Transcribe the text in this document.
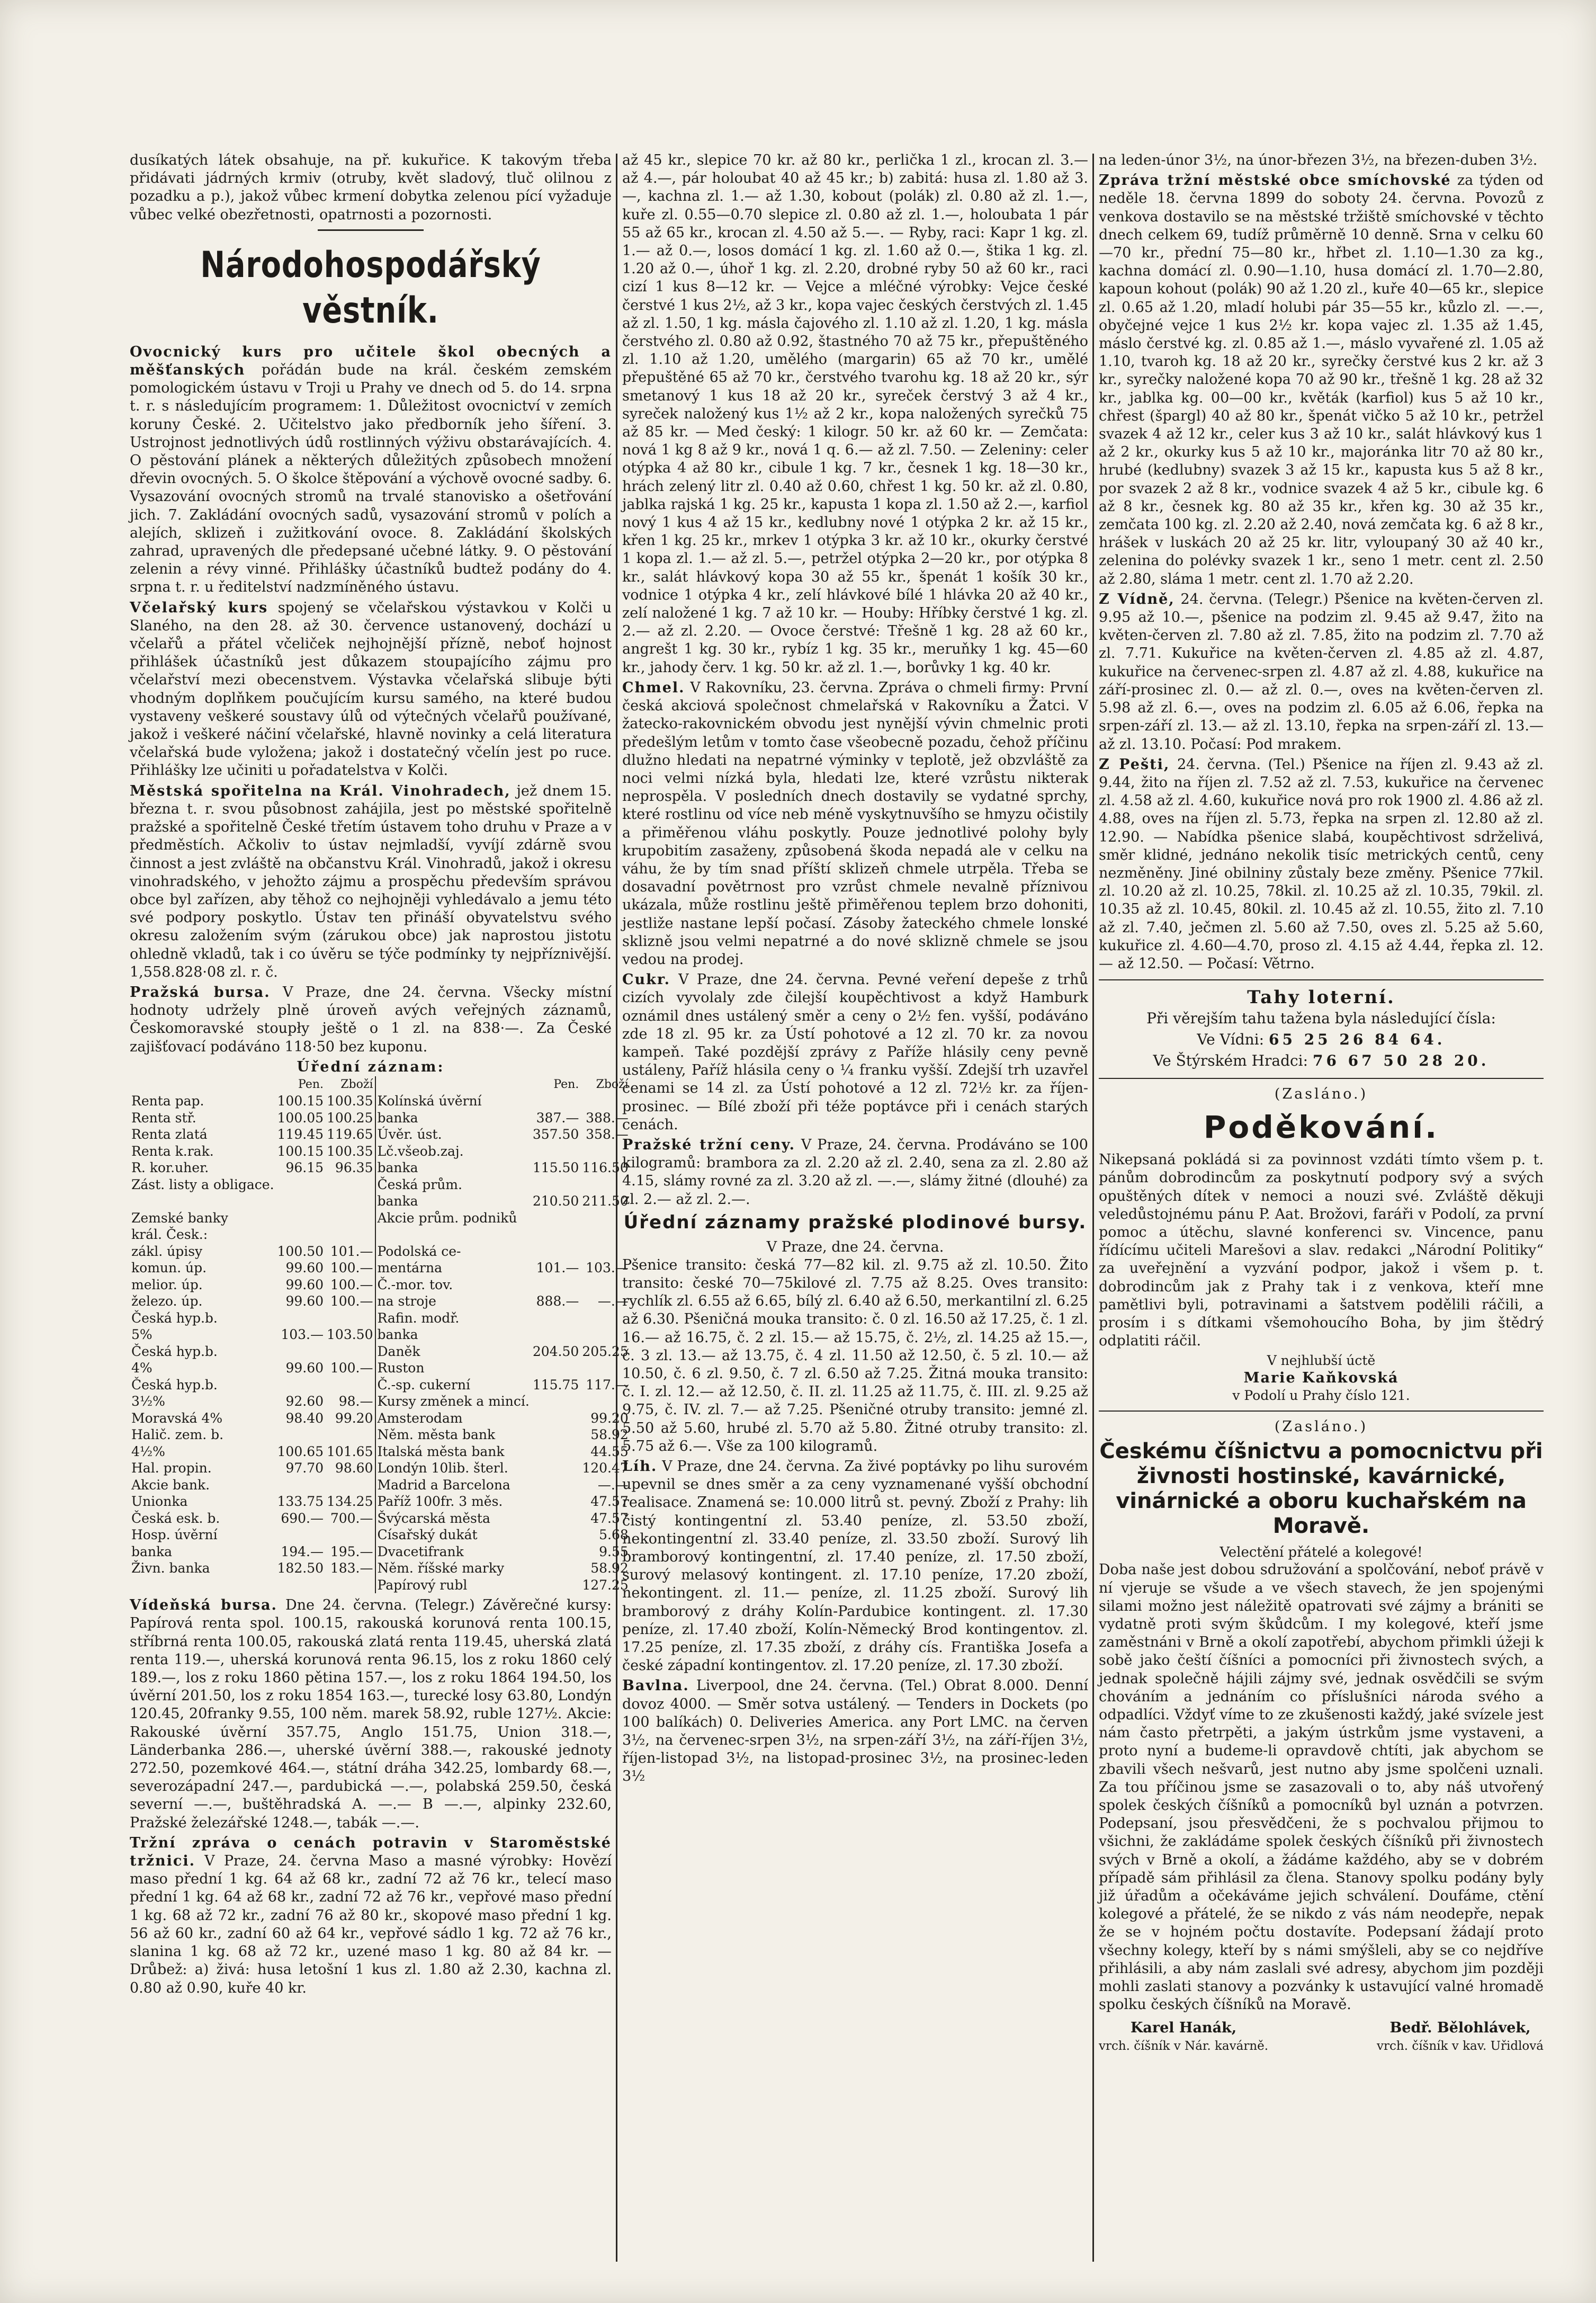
dusíkatých látek obsahuje, na př. kukuřice. K takovým třeba přidávati jádrných krmiv (otruby, květ sladový, tluč olilnou z pozadku a p.), jakož vůbec krmení dobytka zelenou pící vyžaduje vůbec velké obezřetnosti, opatrnosti a pozornosti.

Národohospodářský věstník.

Ovocnický kurs pro učitele škol obecných a měšťanských pořádán bude na král. českém zemském pomologickém ústavu v Troji u Prahy ve dnech od 5. do 14. srpna t. r. s následujícím programem: 1. Důležitost ovocnictví v zemích koruny České. 2. Učitelstvo jako předborník jeho šíření. 3. Ustrojnost jednotlivých údů rostlinných výživu obstarávajících. 4. O pěstování plánek a některých důležitých způsobech množení dřevin ovocných. 5. O školce štěpování a výchově ovocné sadby. 6. Vysazování ovocných stromů na trvalé stanovisko a ošetřování jich. 7. Zakládání ovocných sadů, vysazování stromů v polích a alejích, sklizeň i zužitkování ovoce. 8. Zakládání školských zahrad, upravených dle předepsané učebné látky. 9. O pěstování zelenin a révy vinné. Přihlášky účastníků budtež podány do 4. srpna t. r. u ředitelství nadzmíněného ústavu.

Včelařský kurs spojený se včelařskou výstavkou v Kolči u Slaného, na den 28. až 30. července ustanovený, dochází u včelařů a přátel včeliček nejhojnější přízně, neboť hojnost přihlášek účastníků jest důkazem stoupajícího zájmu pro včelařství mezi obecenstvem. Výstavka včelařská slibuje býti vhodným doplňkem poučujícím kursu samého, na které budou vystaveny veškeré soustavy úlů od výtečných včelařů používané, jakož i veškeré náčiní včelařské, hlavně novinky a celá literatura včelařská bude vyložena; jakož i dostatečný včelín jest po ruce. Přihlášky lze učiniti u pořadatelstva v Kolči.

Městská spořitelna na Král. Vinohradech, jež dnem 15. března t. r. svou působnost zahájila, jest po městské spořitelně pražské a spořitelně České třetím ústavem toho druhu v Praze a v předměstích. Ačkoliv to ústav nejmladší, vyvíjí zdárně svou činnost a jest zvláště na občanstvu Král. Vinohradů, jakož i okresu vinohradského, v jehožto zájmu a prospěchu především správou obce byl zařízen, aby těhož co nejhojněji vyhledávalo a jemu této své podpory poskytlo. Ústav ten přináší obyvatelstvu svého okresu založením svým (zárukou obce) jak naprostou jistotu ohledně vkladů, tak i co úvěru se týče podmínky ty nejpříznivější. 1,558.828·08 zl. r. č.

Pražská bursa. V Praze, dne 24. června. Všecky místní hodnoty udržely plně úroveň avých veřejných záznamů, Českomoravské stoupły ještě o 1 zl. na 838·—. Za České zajišťovací podáváno 118·50 bez kuponu.

Úřední záznam:
	Pen.	Zboží		Pen.	Zboží
Renta pap.	100.15	100.35	Kolínská úvěrní		
Renta stř.	100.05	100.25	banka	387.—	388.—
Renta zlatá	119.45	119.65	Úvěr. úst.	357.50	358.—
Renta k.rak.	100.15	100.35	Lč.všeob.zaj.		
R. kor.uher.	96.15	96.35	banka	115.50	116.50
Zást. listy a obligace.			Česká prům.		
			banka	210.50	211.50
Zemské banky			Akcie prům. podniků		
král. Česk.:					
zákl. úpisy	100.50	101.—	Podolská ce-		
komun. úp.	99.60	100.—	mentárna	101.—	103.—
melior. úp.	99.60	100.—	Č.-mor. tov.		
železo. úp.	99.60	100.—	na stroje	888.—	—.—
Česká hyp.b.			Rafin. modř.		
5%	103.—	103.50	banka		
Česká hyp.b.			Daněk	204.50	205.25
4%	99.60	100.—	Ruston		
Česká hyp.b.			Č.-sp. cukerní	115.75	117.—
3½%	92.60	98.—	Kursy změnek a mincí.		
Moravská 4%	98.40	99.20	Amsterodam		99.20
Halič. zem. b.			Něm. města bank		58.92
4½%	100.65	101.65	Italská města bank		44.55
Hal. propin.	97.70	98.60	Londýn 10lib. šterl.		120.47
Akcie bank.			Madrid a Barcelona		—.—
Unionka	133.75	134.25	Paříž 100fr. 3 měs.		47.57
Česká esk. b.	690.—	700.—	Švýcarská města		47.57
Hosp. úvěrní			Císařský dukát		5.68
banka	194.—	195.—	Dvacetifrank		9.55
Živn. banka	182.50	183.—	Něm. říšské marky		58.92
			Papírový rubl		127.25

Vídeňská bursa. Dne 24. června. (Telegr.) Závěrečné kursy: Papírová renta spol. 100.15, rakouská korunová renta 100.15, stříbrná renta 100.05, rakouská zlatá renta 119.45, uherská zlatá renta 119.—, uherská korunová renta 96.15, los z roku 1860 celý 189.—, los z roku 1860 pětina 157.—, los z roku 1864 194.50, los úvěrní 201.50, los z roku 1854 163.—, turecké losy 63.80, Londýn 120.45, 20franky 9.55, 100 něm. marek 58.92, ruble 127½. Akcie: Rakouské úvěrní 357.75, Anglo 151.75, Union 318.—, Länderbanka 286.—, uherské úvěrní 388.—, rakouské jednoty 272.50, pozemkové 464.—, státní dráha 342.25, lombardy 68.—, severozápadní 247.—, pardubická —.—, polabská 259.50, česká severní —.—, buštěhradská A. —.— B —.—, alpinky 232.60, Pražské železářské 1248.—, tabák —.—.

Tržní zpráva o cenách potravin v Staroměstské tržnici. V Praze, 24. června Maso a masné výrobky: Hovězí maso přední 1 kg. 64 až 68 kr., zadní 72 až 76 kr., telecí maso přední 1 kg. 64 až 68 kr., zadní 72 až 76 kr., vepřové maso přední 1 kg. 68 až 72 kr., zadní 76 až 80 kr., skopové maso přední 1 kg. 56 až 60 kr., zadní 60 až 64 kr., vepřové sádlo 1 kg. 72 až 76 kr., slanina 1 kg. 68 až 72 kr., uzené maso 1 kg. 80 až 84 kr. — Drůbež: a) živá: husa letošní 1 kus zl. 1.80 až 2.30, kachna zl. 0.80 až 0.90, kuře 40 kr.

až 45 kr., slepice 70 kr. až 80 kr., perlička 1 zl., krocan zl. 3.— až 4.—, pár holoubat 40 až 45 kr.; b) zabitá: husa zl. 1.80 až 3.—, kachna zl. 1.— až 1.30, kobout (polák) zl. 0.80 až zl. 1.—, kuře zl. 0.55—0.70 slepice zl. 0.80 až zl. 1.—, holoubata 1 pár 55 až 65 kr., krocan zl. 4.50 až 5.—. — Ryby, raci: Kapr 1 kg. zl. 1.— až 0.—, losos domácí 1 kg. zl. 1.60 až 0.—, štika 1 kg. zl. 1.20 až 0.—, úhoř 1 kg. zl. 2.20, drobné ryby 50 až 60 kr., raci cizí 1 kus 8—12 kr. — Vejce a mléčné výrobky: Vejce české čerstvé 1 kus 2½, až 3 kr., kopa vajec českých čerstvých zl. 1.45 až zl. 1.50, 1 kg. másla čajového zl. 1.10 až zl. 1.20, 1 kg. másla čerstvého zl. 0.80 až 0.92, štastného 70 až 75 kr., přepuštěného zl. 1.10 až 1.20, umělého (margarin) 65 až 70 kr., umělé přepuštěné 65 až 70 kr., čerstvého tvarohu kg. 18 až 20 kr., sýr smetanový 1 kus 18 až 20 kr., syreček čerstvý 3 až 4 kr., syreček naložený kus 1½ až 2 kr., kopa naložených syrečků 75 až 85 kr. — Med český: 1 kilogr. 50 kr. až 60 kr. — Zemčata: nová 1 kg 8 až 9 kr., nová 1 q. 6.— až zl. 7.50. — Zeleniny: celer otýpka 4 až 80 kr., cibule 1 kg. 7 kr., česnek 1 kg. 18—30 kr., hrách zelený litr zl. 0.40 až 0.60, chřest 1 kg. 50 kr. až zl. 0.80, jablka rajská 1 kg. 25 kr., kapusta 1 kopa zl. 1.50 až 2.—, karfiol nový 1 kus 4 až 15 kr., kedlubny nové 1 otýpka 2 kr. až 15 kr., křen 1 kg. 25 kr., mrkev 1 otýpka 3 kr. až 10 kr., okurky čerstvé 1 kopa zl. 1.— až zl. 5.—, petržel otýpka 2—20 kr., por otýpka 8 kr., salát hlávkový kopa 30 až 55 kr., špenát 1 košík 30 kr., vodnice 1 otýpka 4 kr., zelí hlávkové bílé 1 hlávka 20 až 40 kr., zelí naložené 1 kg. 7 až 10 kr. — Houby: Hříbky čerstvé 1 kg. zl. 2.— až zl. 2.20. — Ovoce čerstvé: Třešně 1 kg. 28 až 60 kr., angrešt 1 kg. 30 kr., rybíz 1 kg. 35 kr., meruňky 1 kg. 45—60 kr., jahody červ. 1 kg. 50 kr. až zl. 1.—, borůvky 1 kg. 40 kr.

Chmel. V Rakovníku, 23. června. Zpráva o chmeli firmy: První česká akciová společnost chmelařská v Rakovníku a Žatci. V žatecko-rakovnickém obvodu jest nynější vývin chmelnic proti předešlým letům v tomto čase všeobecně pozadu, čehož příčinu dlužno hledati na nepatrné výminky v teplotě, jež obzvláště za noci velmi nízká byla, hledati lze, které vzrůstu nikterak neprospěla. V posledních dnech dostavily se vydatné sprchy, které rostlinu od více neb méně vyskytnuvšího se hmyzu očistily a přiměřenou vláhu poskytly. Pouze jednotlivé polohy byly krupobitím zasaženy, způsobená škoda nepadá ale v celku na váhu, že by tím snad příští sklizeň chmele utrpěla. Třeba se dosavadní povětrnost pro vzrůst chmele nevalně příznivou ukázala, může rostlinu ještě přiměřenou teplem brzo dohoniti, jestliže nastane lepší počasí. Zásoby žateckého chmele lonské sklizně jsou velmi nepatrné a do nové sklizně chmele se jsou vedou na prodej.

Cukr. V Praze, dne 24. června. Pevné veření depeše z trhů cizích vyvolaly zde čilejší koupěchtivost a když Hamburk oznámil dnes ustálený směr a ceny o 2½ fen. vyšší, podáváno zde 18 zl. 95 kr. za Ústí pohotové a 12 zl. 70 kr. za novou kampeň. Také pozdější zprávy z Paříže hlásily ceny pevně ustáleny, Paříž hlásila ceny o ¼ franku vyšší. Zdejší trh uzavřel cenami se 14 zl. za Ústí pohotové a 12 zl. 72½ kr. za říjen-prosinec. — Bílé zboží při téže poptávce při i cenách starých cenách.

Pražské tržní ceny. V Praze, 24. června. Prodáváno se 100 kilogramů: brambora za zl. 2.20 až zl. 2.40, sena za zl. 2.80 až 4.15, slámy rovné za zl. 3.20 až zl. —.—, slámy žitné (dlouhé) za zl. 2.— až zl. 2.—.

Úřední záznamy pražské plodinové bursy.
V Praze, dne 24. června.

Pšenice transito: česká 77—82 kil. zl. 9.75 až zl. 10.50. Žito transito: české 70—75kilové zl. 7.75 až 8.25. Oves transito: rychlík zl. 6.55 až 6.65, bílý zl. 6.40 až 6.50, merkantilní zl. 6.25 až 6.30. Pšeničná mouka transito: č. 0 zl. 16.50 až 17.25, č. 1 zl. 16.— až 16.75, č. 2 zl. 15.— až 15.75, č. 2½, zl. 14.25 až 15.—, č. 3 zl. 13.— až 13.75, č. 4 zl. 11.50 až 12.50, č. 5 zl. 10.— až 10.50, č. 6 zl. 9.50, č. 7 zl. 6.50 až 7.25. Žitná mouka transito: č. I. zl. 12.— až 12.50, č. II. zl. 11.25 až 11.75, č. III. zl. 9.25 až 9.75, č. IV. zl. 7.— až 7.25. Pšeničné otruby transito: jemné zl. 5.50 až 5.60, hrubé zl. 5.70 až 5.80. Žitné otruby transito: zl. 5.75 až 6.—. Vše za 100 kilogramů.

Líh. V Praze, dne 24. června. Za živé poptávky po lihu surovém upevnil se dnes směr a za ceny vyznamenané vyšší obchodní realisace. Znamená se: 10.000 litrů st. pevný. Zboží z Prahy: lih čistý kontingentní zl. 53.40 peníze, zl. 53.50 zboží, nekontingentní zl. 33.40 peníze, zl. 33.50 zboží. Surový lih bramborový kontingentní, zl. 17.40 peníze, zl. 17.50 zboží, surový melasový kontingent. zl. 17.10 peníze, 17.20 zboží, nekontingent. zl. 11.— peníze, zl. 11.25 zboží. Surový lih bramborový z dráhy Kolín-Pardubice kontingent. zl. 17.30 peníze, zl. 17.40 zboží, Kolín-Německý Brod kontingentov. zl. 17.25 peníze, zl. 17.35 zboží, z dráhy cís. Františka Josefa a české západní kontingentov. zl. 17.20 peníze, zl. 17.30 zboží.

Bavlna. Liverpool, dne 24. června. (Tel.) Obrat 8.000. Denní dovoz 4000. — Směr sotva ustálený. — Tenders in Dockets (po 100 balíkách) 0. Deliveries America. any Port LMC. na červen 3½, na červenec-srpen 3½, na srpen-září 3½, na září-říjen 3½, říjen-listopad 3½, na listopad-prosinec 3½, na prosinec-leden 3½

na leden-únor 3½, na únor-březen 3½, na březen-duben 3½.

Zpráva tržní městské obce smíchovské za týden od neděle 18. června 1899 do soboty 24. června. Povozů z venkova dostavilo se na městské tržiště smíchovské v těchto dnech celkem 69, tudíž průměrně 10 denně. Srna v celku 60—70 kr., přední 75—80 kr., hřbet zl. 1.10—1.30 za kg., kachna domácí zl. 0.90—1.10, husa domácí zl. 1.70—2.80, kapoun kohout (polák) 90 až 1.20 zl., kuře 40—65 kr., slepice zl. 0.65 až 1.20, mladí holubi pár 35—55 kr., kůzlo zl. —.—, obyčejné vejce 1 kus 2½ kr. kopa vajec zl. 1.35 až 1.45, máslo čerstvé kg. zl. 0.85 až 1.—, máslo vyvařené zl. 1.05 až 1.10, tvaroh kg. 18 až 20 kr., syrečky čerstvé kus 2 kr. až 3 kr., syrečky naložené kopa 70 až 90 kr., třešně 1 kg. 28 až 32 kr., jablka kg. 00—00 kr., květák (karfiol) kus 5 až 10 kr., chřest (špargl) 40 až 80 kr., špenát vičko 5 až 10 kr., petržel svazek 4 až 12 kr., celer kus 3 až 10 kr., salát hlávkový kus 1 až 2 kr., okurky kus 5 až 10 kr., majoránka litr 70 až 80 kr., hrubé (kedlubny) svazek 3 až 15 kr., kapusta kus 5 až 8 kr., por svazek 2 až 8 kr., vodnice svazek 4 až 5 kr., cibule kg. 6 až 8 kr., česnek kg. 80 až 35 kr., křen kg. 30 až 35 kr., zemčata 100 kg. zl. 2.20 až 2.40, nová zemčata kg. 6 až 8 kr., hrášek v luskách 20 až 25 kr. litr, vyloupaný 30 až 40 kr., zelenina do polévky svazek 1 kr., seno 1 metr. cent zl. 2.50 až 2.80, sláma 1 metr. cent zl. 1.70 až 2.20.

Z Vídně, 24. června. (Telegr.) Pšenice na květen-červen zl. 9.95 až 10.—, pšenice na podzim zl. 9.45 až 9.47, žito na květen-červen zl. 7.80 až zl. 7.85, žito na podzim zl. 7.70 až zl. 7.71. Kukuřice na květen-červen zl. 4.85 až zl. 4.87, kukuřice na červenec-srpen zl. 4.87 až zl. 4.88, kukuřice na září-prosinec zl. 0.— až zl. 0.—, oves na květen-červen zl. 5.98 až zl. 6.—, oves na podzim zl. 6.05 až 6.06, řepka na srpen-září zl. 13.— až zl. 13.10, řepka na srpen-září zl. 13.— až zl. 13.10. Počasí: Pod mrakem.

Z Pešti, 24. června. (Tel.) Pšenice na říjen zl. 9.43 až zl. 9.44, žito na říjen zl. 7.52 až zl. 7.53, kukuřice na červenec zl. 4.58 až zl. 4.60, kukuřice nová pro rok 1900 zl. 4.86 až zl. 4.88, oves na říjen zl. 5.73, řepka na srpen zl. 12.80 až zl. 12.90. — Nabídka pšenice slabá, koupěchtivost sdrželivá, směr klidné, jednáno nekolik tisíc metrických centů, ceny nezměněny. Jiné obilniny zůstaly beze změny. Pšenice 77kil. zl. 10.20 až zl. 10.25, 78kil. zl. 10.25 až zl. 10.35, 79kil. zl. 10.35 až zl. 10.45, 80kil. zl. 10.45 až zl. 10.55, žito zl. 7.10 až zl. 7.40, ječmen zl. 5.60 až 7.50, oves zl. 5.25 až 5.60, kukuřice zl. 4.60—4.70, proso zl. 4.15 až 4.44, řepka zl. 12.— až 12.50. — Počasí: Větrno.

Tahy loterní.
Při věrejším tahu tažena byla následující čísla:
Ve Vídni: 65 25 26 84 64.
Ve Štýrském Hradci: 76 67 50 28 20.
(Zasláno.)
Poděkování.

Nikepsaná pokládá si za povinnost vzdáti tímto všem p. t. pánům dobrodincům za poskytnutí podpory svý a svých opuštěných dítek v nemoci a nouzi své. Zvláště děkuji veledůstojnému pánu P. Aat. Brožovi, faráři v Podolí, za první pomoc a útěchu, slavné konferenci sv. Vincence, panu řídícímu učiteli Marešovi a slav. redakci „Národní Politiky“ za uveřejnění a vyzvání podpor, jakož i všem p. t. dobrodincům jak z Prahy tak i z venkova, kteří mne pamětlivi byli, potravinami a šatstvem podělili ráčili, a prosím i s dítkami všemohoucího Boha, by jim štědrý odplatiti ráčil.

V nejhlubší úctě
Marie Kaňkovská
v Podolí u Prahy číslo 121.
(Zasláno.)
Českému číšnictvu a pomocnictvu při živnosti hostinské, kavárnické, vinárnické a oboru kuchařském na Moravě.
Velectění přátelé a kolegové!

Doba naše jest dobou sdružování a spolčování, neboť právě v ní vjeruje se všude a ve všech stavech, že jen spojenými silami možno jest náležitě opatrovati své zájmy a brániti se vydatně proti svým škůdcům. I my kolegové, kteří jsme zaměstnáni v Brně a okolí zapotřebí, abychom přimkli úžeji k sobě jako čeští číšníci a pomocníci při živnostech svých, a jednak společně hájili zájmy své, jednak osvědčili se svým chováním a jednáním co příslušníci národa svého a odpadlíci. Vždyť víme to ze zkušenosti každý, jaké svízele jest nám často přetrpěti, a jakým ústrkům jsme vystaveni, a proto nyní a budeme-li opravdově chtíti, jak abychom se zbavili všech nešvarů, jest nutno aby jsme spolčeni uznali. Za tou příčinou jsme se zasazovali o to, aby náš utvořený spolek českých číšníků a pomocníků byl uznán a potvrzen. Podepsaní, jsou přesvědčeni, že s pochvalou přijmou to všichni, že zakládáme spolek českých číšníků při živnostech svých v Brně a okolí, a žádáme každého, aby se v dobrém případě sám přihlásil za člena. Stanovy spolku podány byly již úřadům a očekáváme jejich schválení. Doufáme, ctění kolegové a přátelé, že se nikdo z vás nám neodepře, nepak že se v hojném počtu dostavíte. Podepsaní žádají proto všechny kolegy, kteří by s námi smýšleli, aby se co nejdříve přihlásili, a aby nám zaslali své adresy, abychom jim později mohli zaslati stanovy a pozvánky k ustavující valné hromadě spolku českých číšníků na Moravě.

Karel Hanák,
vrch. číšník v Nár. kavárně.
Bedř. Bělohlávek,
vrch. číšník v kav. Uřidlová
